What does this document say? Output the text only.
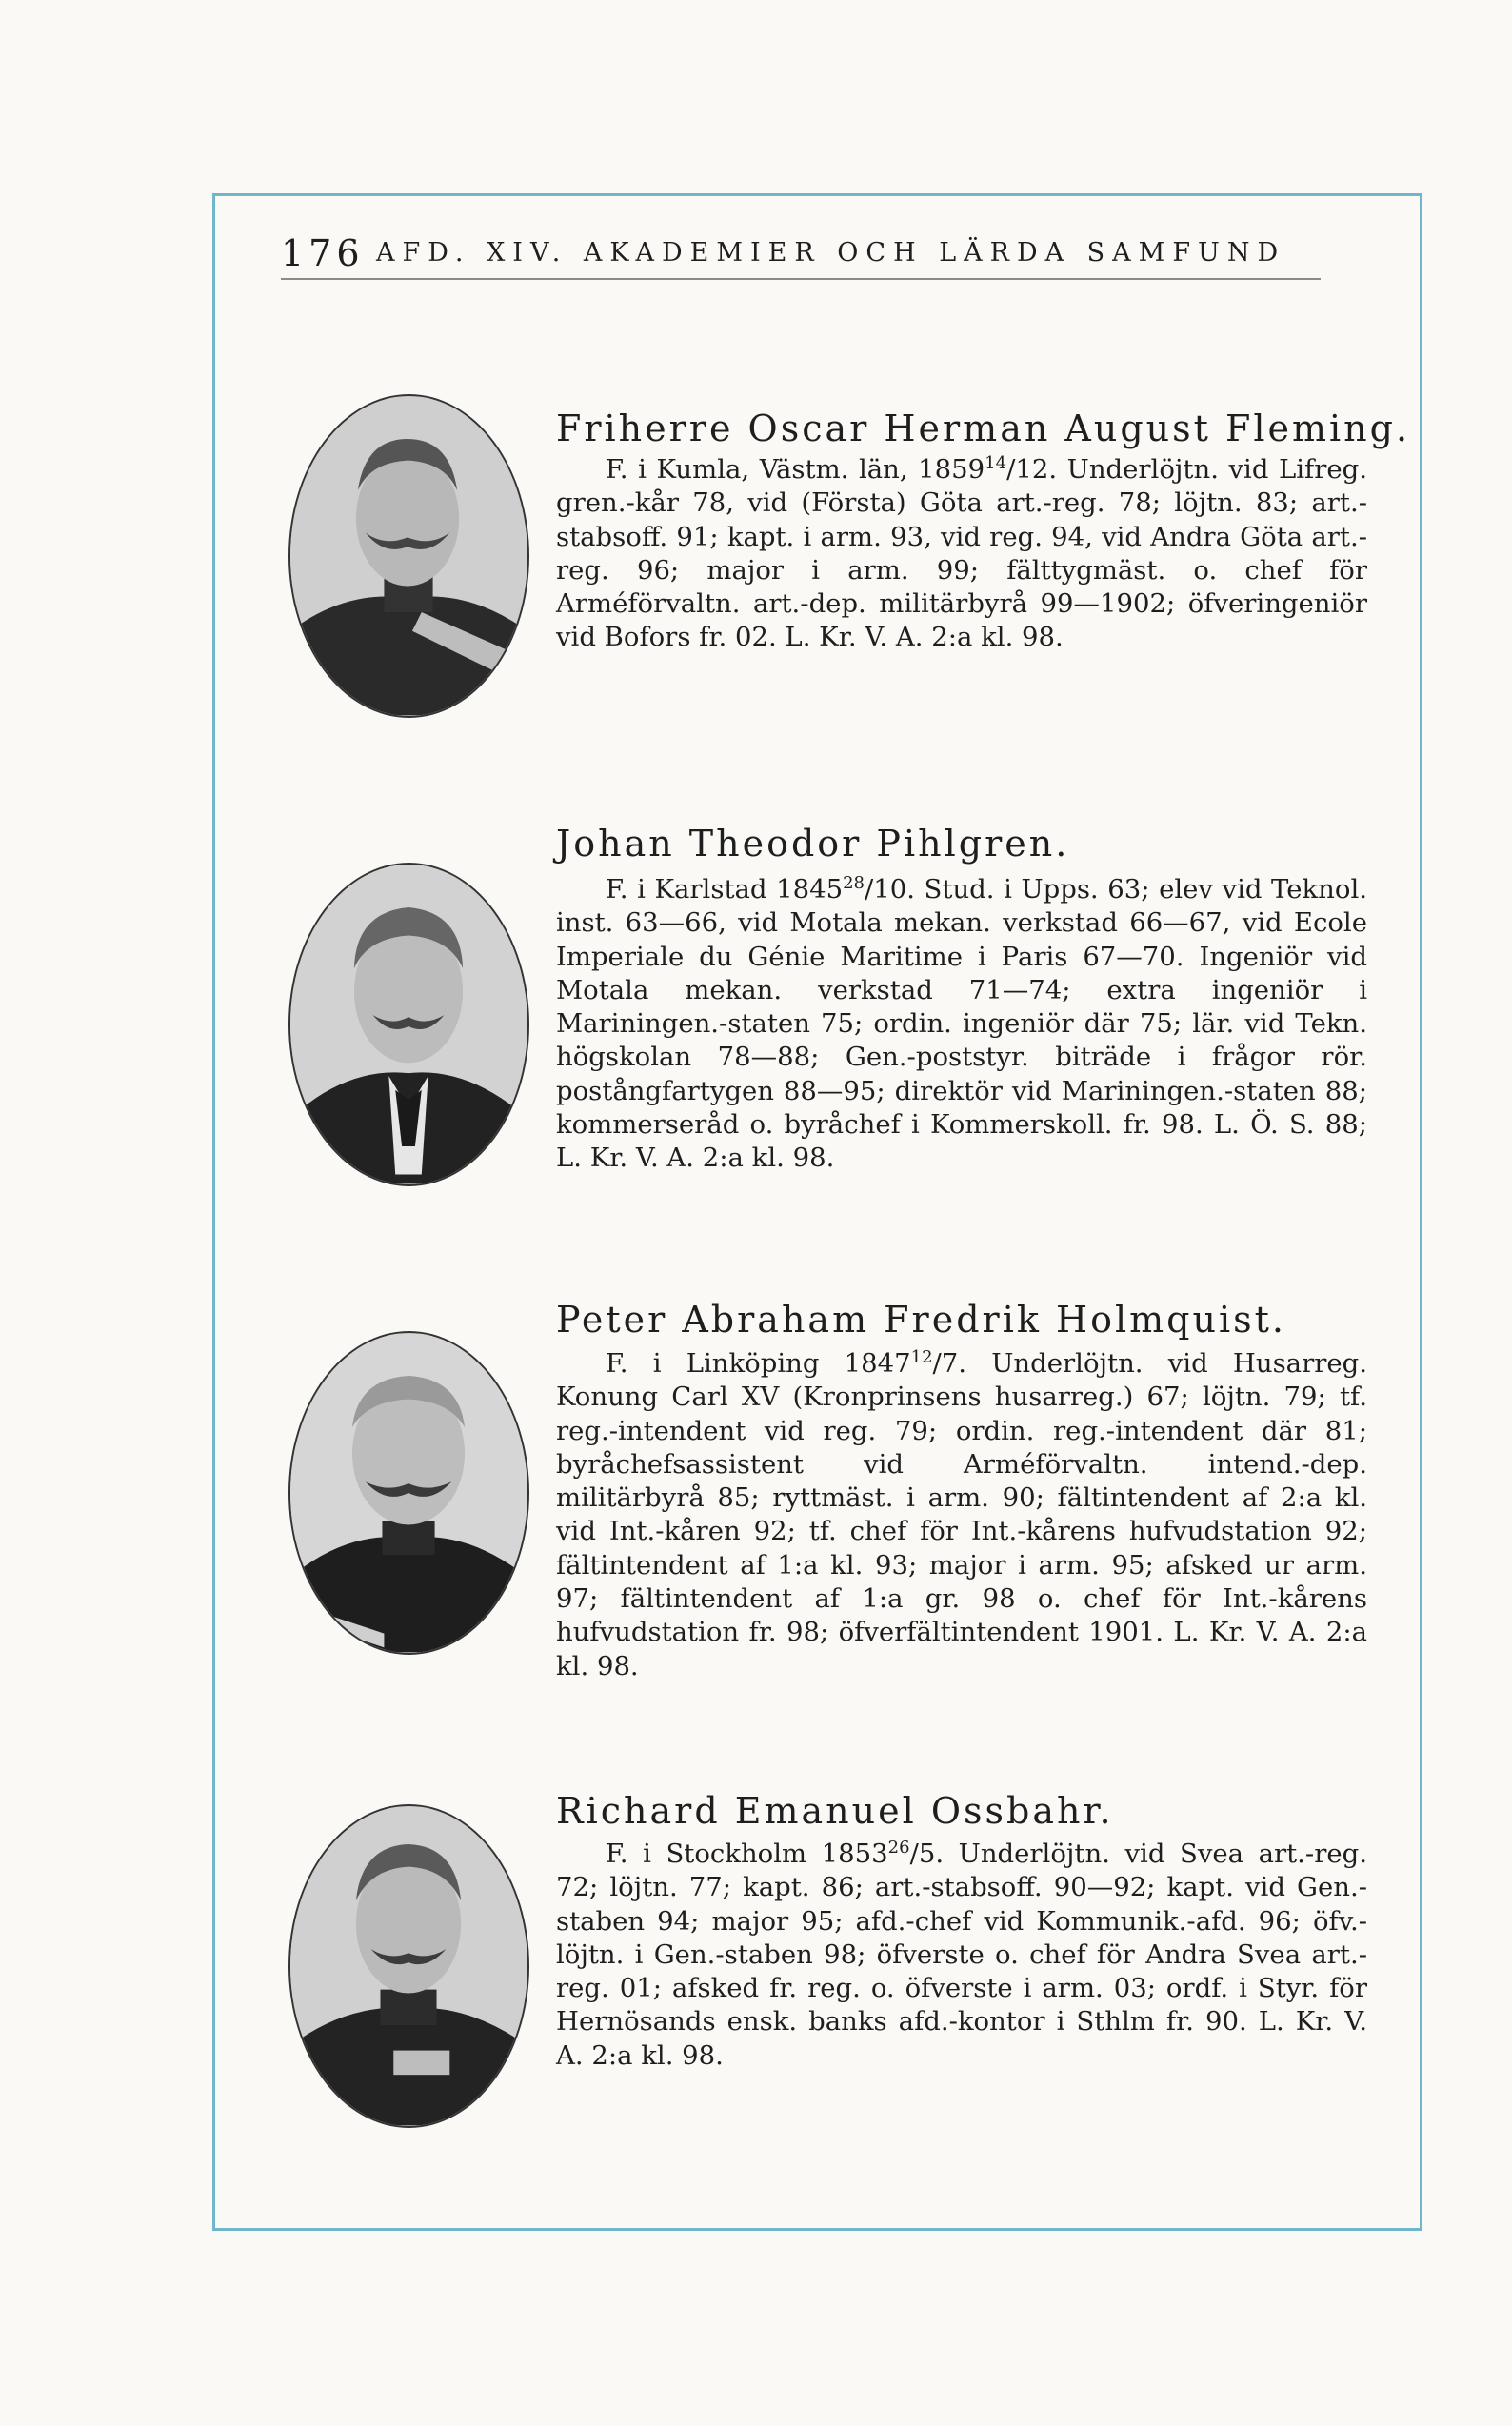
176 AFD. XIV. AKADEMIER OCH LÄRDA SAMFUND
Friherre Oscar Herman August Fleming.

F. i Kumla, Västm. län, 1859$^{14}$/12. Underlöjtn. vid Lifreg. gren.-kår 78, vid (Första) Göta art.-reg. 78; löjtn. 83; art.-stabsoff. 91; kapt. i arm. 93, vid reg. 94, vid Andra Göta art.-reg. 96; major i arm. 99; fälttygmäst. o. chef för Arméförvaltn. art.-dep. militärbyrå 99—1902; öfveringeniör vid Bofors fr. 02. L. Kr. V. A. 2:a kl. 98.

Johan Theodor Pihlgren.

F. i Karlstad 1845$^{28}$/10. Stud. i Upps. 63; elev vid Teknol. inst. 63—66, vid Motala mekan. verkstad 66—67, vid Ecole Imperiale du Génie Maritime i Paris 67—70. Ingeniör vid Motala mekan. verkstad 71—74; extra ingeniör i Mariningen.-staten 75; ordin. ingeniör där 75; lär. vid Tekn. högskolan 78—88; Gen.-poststyr. biträde i frågor rör. postångfartygen 88—95; direktör vid Mariningen.-staten 88; kommerseråd o. byråchef i Kommerskoll. fr. 98. L. Ö. S. 88; L. Kr. V. A. 2:a kl. 98.

Peter Abraham Fredrik Holmquist.

F. i Linköping 1847$^{12}$/7. Underlöjtn. vid Husarreg. Konung Carl XV (Kronprinsens husarreg.) 67; löjtn. 79; tf. reg.-intendent vid reg. 79; ordin. reg.-intendent där 81; byråchefsassistent vid Arméförvaltn. intend.-dep. militärbyrå 85; ryttmäst. i arm. 90; fältintendent af 2:a kl. vid Int.-kåren 92; tf. chef för Int.-kårens hufvudstation 92; fältintendent af 1:a kl. 93; major i arm. 95; afsked ur arm. 97; fältintendent af 1:a gr. 98 o. chef för Int.-kårens hufvudstation fr. 98; öfverfältintendent 1901. L. Kr. V. A. 2:a kl. 98.

Richard Emanuel Ossbahr.

F. i Stockholm 1853$^{26}$/5. Underlöjtn. vid Svea art.-reg. 72; löjtn. 77; kapt. 86; art.-stabsoff. 90—92; kapt. vid Gen.-staben 94; major 95; afd.-chef vid Kommunik.-afd. 96; öfv.-löjtn. i Gen.-staben 98; öfverste o. chef för Andra Svea art.-reg. 01; afsked fr. reg. o. öfverste i arm. 03; ordf. i Styr. för Hernösands ensk. banks afd.-kontor i Sthlm fr. 90. L. Kr. V. A. 2:a kl. 98.
